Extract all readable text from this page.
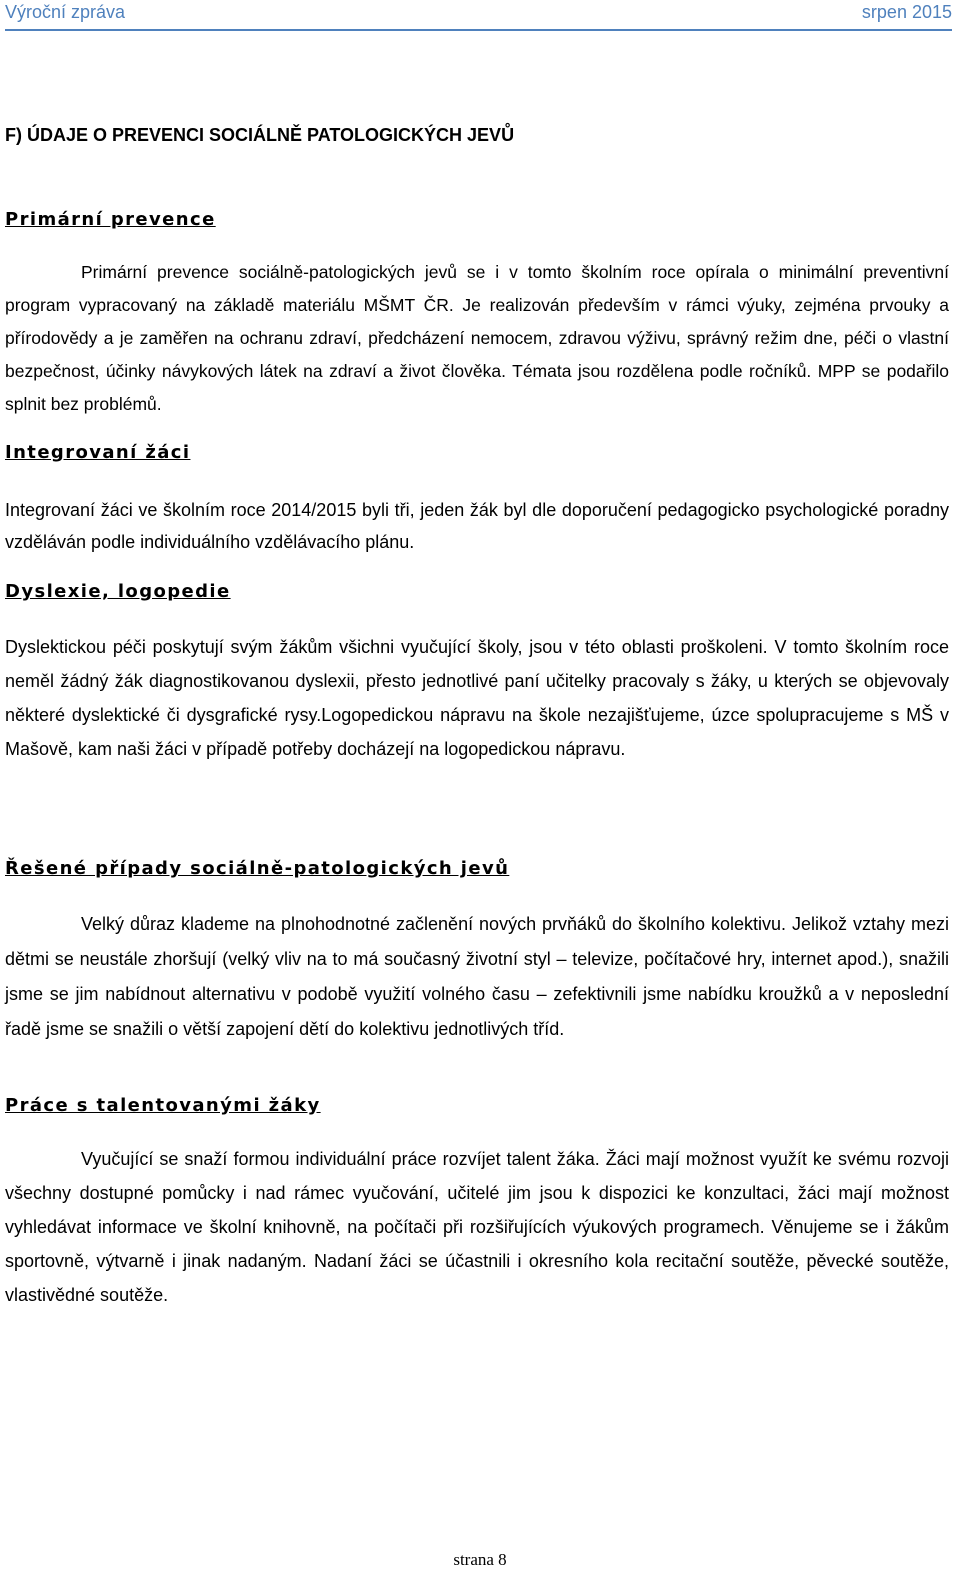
Výroční zpráva	srpen 2015
F) ÚDAJE O PREVENCI SOCIÁLNĚ PATOLOGICKÝCH JEVŮ
Primární prevence
Primární prevence sociálně-patologických jevů se i v tomto školním roce opírala o minimální preventivní program vypracovaný na základě materiálu MŠMT ČR. Je realizován především v rámci výuky, zejména prvouky a přírodovědy a je zaměřen na ochranu zdraví, předcházení nemocem, zdravou výživu, správný režim dne, péči o vlastní bezpečnost, účinky návykových látek na zdraví a život člověka. Témata jsou rozdělena podle ročníků. MPP se podařilo splnit bez problémů.
Integrovaní žáci
Integrovaní žáci ve školním roce 2014/2015 byli tři, jeden žák byl dle doporučení pedagogicko psychologické poradny vzděláván podle individuálního vzdělávacího plánu.
Dyslexie, logopedie
Dyslektickou péči poskytují svým žákům všichni vyučující školy, jsou v této oblasti proškoleni. V tomto školním roce neměl žádný žák diagnostikovanou dyslexii, přesto jednotlivé paní učitelky pracovaly s žáky, u kterých se objevovaly některé dyslektické či dysgrafické rysy.Logopedickou nápravu na škole nezajišťujeme, úzce spolupracujeme s MŠ v Mašově, kam naši žáci v případě potřeby docházejí na logopedickou nápravu.
Řešené případy sociálně-patologických jevů
Velký důraz klademe na plnohodnotné začlenění nových prvňáků do školního kolektivu. Jelikož vztahy mezi dětmi se neustále zhoršují (velký vliv na to má současný životní styl – televize, počítačové hry, internet apod.), snažili jsme se jim nabídnout alternativu v podobě využití volného času – zefektivnili jsme nabídku kroužků a v neposlední řadě jsme se snažili o větší zapojení dětí do kolektivu jednotlivých tříd.
Práce s talentovanými žáky
Vyučující se snaží formou individuální práce rozvíjet talent žáka. Žáci mají možnost využít ke svému rozvoji všechny dostupné pomůcky i nad rámec vyučování, učitelé jim jsou k dispozici ke konzultaci, žáci mají možnost vyhledávat informace ve školní knihovně, na počítači při rozšiřujících výukových programech. Věnujeme se i žákům sportovně, výtvarně i jinak nadaným. Nadaní žáci se účastnili i okresního kola recitační soutěže, pěvecké soutěže, vlastivědné soutěže.
strana 8
